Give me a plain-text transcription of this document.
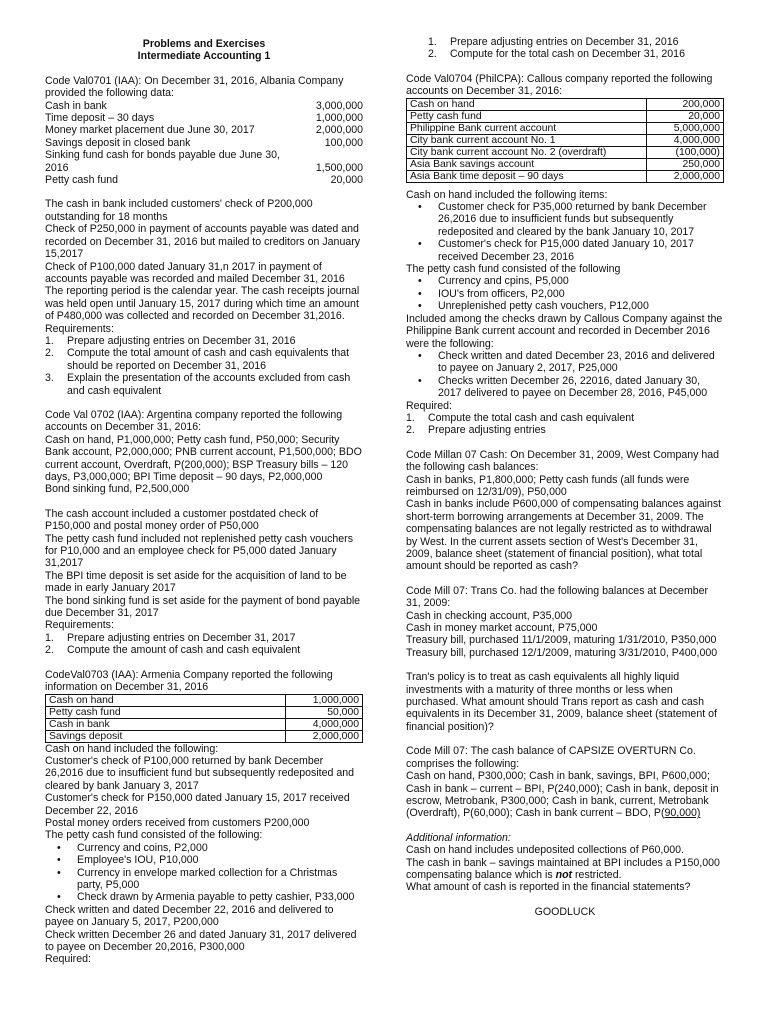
Problems and Exercises

Intermediate Accounting 1

Code Val0701 (IAA): On December 31, 2016, Albania Company provided the following data:

Cash in bank	3,000,000
Time deposit – 30 days	1,000,000
Money market placement due June 30, 2017	2,000,000
Savings deposit in closed bank	100,000
Sinking fund cash for bonds payable due June 30, 2016	1,500,000
Petty cash fund	20,000

The cash in bank included customers' check of P200,000 outstanding for 18 months

Check of P250,000 in payment of accounts payable was dated and recorded on December 31, 2016 but mailed to creditors on January 15,2017

Check of P100,000 dated January 31,n 2017 in payment of accounts payable was recorded and mailed December 31, 2016

The reporting period is the calendar year. The cash receipts journal was held open until January 15, 2017 during which time an amount of P480,000 was collected and recorded on December 31,2016.

Requirements:

1.	Prepare adjusting entries on December 31, 2016
2.	Compute the total amount of cash and cash equivalents that should be reported on December 31, 2016
3.	Explain the presentation of the accounts excluded from cash and cash equivalent

Code Val 0702 (IAA): Argentina company reported the following accounts on December 31, 2016:

Cash on hand, P1,000,000; Petty cash fund, P50,000; Security Bank account, P2,000,000; PNB current account, P1,500,000; BDO current account, Overdraft, P(200,000); BSP Treasury bills – 120 days, P3,000,000; BPI Time deposit – 90 days, P2,000,000

Bond sinking fund, P2,500,000

The cash account included a customer postdated check of P150,000 and postal money order of P50,000

The petty cash fund included not replenished petty cash vouchers for P10,000 and an employee check for P5,000 dated January 31,2017

The BPI time deposit is set aside for the acquisition of land to be made in early January 2017

The bond sinking fund is set aside for the payment of bond payable due December 31, 2017

Requirements:

1.	Prepare adjusting entries on December 31, 2017
2.	Compute the amount of cash and cash equivalent

CodeVal0703 (IAA): Armenia Company reported the following information on December 31, 2016

Cash on hand	1,000,000
Petty cash fund	50,000
Cash in bank	4,000,000
Savings deposit	2,000,000

Cash on hand included the following:

Customer's check of P100,000 returned by bank December 26,2016 due to insufficient fund but subsequently redeposited and cleared by bank January 3, 2017

Customer's check for P150,000 dated January 15, 2017 received December 22, 2016

Postal money orders received from customers P200,000

The petty cash fund consisted of the following:

• Currency and coins, P2,000
• Employee's IOU, P10,000
• Currency in envelope marked collection for a Christmas party, P5,000
• Check drawn by Armenia payable to petty cashier, P33,000

Check written and dated December 22, 2016 and delivered to payee on January 5, 2017, P200,000

Check written December 26 and dated January 31, 2017 delivered to payee on December 20,2016, P300,000

Required:

1.	Prepare adjusting entries on December 31, 2016
2.	Compute for the total cash on December 31, 2016

Code Val0704 (PhilCPA): Callous company reported the following accounts on December 31, 2016:

Cash on hand	200,000
Petty cash fund	20,000
Philippine Bank current account	5,000,000
City bank current account No. 1	4,000,000
City bank current account No. 2 (overdraft)	(100,000)
Asia Bank savings account	250,000
Asia Bank time deposit – 90 days	2,000,000

Cash on hand included the following items:

• Customer check for P35,000 returned by bank December 26,2016 due to insufficient funds but subsequently redeposited and cleared by the bank January 10, 2017
• Customer's check for P15,000 dated January 10, 2017 received December 23, 2016

The petty cash fund consisted of the following

• Currency and cpins, P5,000
• IOU's from officers, P2,000
• Unreplenished petty cash vouchers, P12,000

Included among the checks drawn by Callous Company against the Philippine Bank current account and recorded in December 2016 were the following:

• Check written and dated December 23, 2016 and delivered to payee on January 2, 2017, P25,000
• Checks written December 26, 22016, dated January 30, 2017 delivered to payee on December 28, 2016, P45,000

Required:

1.	Compute the total cash and cash equivalent
2.	Prepare adjusting entries

Code Millan 07 Cash: On December 31, 2009, West Company had the following cash balances:

Cash in banks, P1,800,000; Petty cash funds (all funds were reimbursed on 12/31/09), P50,000

Cash in banks include P600,000 of compensating balances against short-term borrowing arrangements at December 31, 2009. The compensating balances are not legally restricted as to withdrawal by West. In the current assets section of West's December 31, 2009, balance sheet (statement of financial position), what total amount should be reported as cash?

Code Mill 07: Trans Co. had the following balances at December 31, 2009:

Cash in checking account, P35,000

Cash in money market account, P75,000

Treasury bill, purchased 11/1/2009, maturing 1/31/2010, P350,000

Treasury bill, purchased 12/1/2009, maturing 3/31/2010, P400,000

Tran's policy is to treat as cash equivalents all highly liquid investments with a maturity of three months or less when purchased. What amount should Trans report as cash and cash equivalents in its December 31, 2009, balance sheet (statement of financial position)?

Code Mill 07: The cash balance of CAPSIZE OVERTURN Co. comprises the following:

Cash on hand, P300,000; Cash in bank, savings, BPI, P600,000; Cash in bank – current – BPI, P(240,000); Cash in bank, deposit in escrow, Metrobank, P300,000; Cash in bank, current, Metrobank (Overdraft), P(60,000); Cash in bank current – BDO, P(90,000)

Additional information:

Cash on hand includes undeposited collections of P60,000.

The cash in bank – savings maintained at BPI includes a P150,000 compensating balance which is not restricted.

What amount of cash is reported in the financial statements?

GOODLUCK
